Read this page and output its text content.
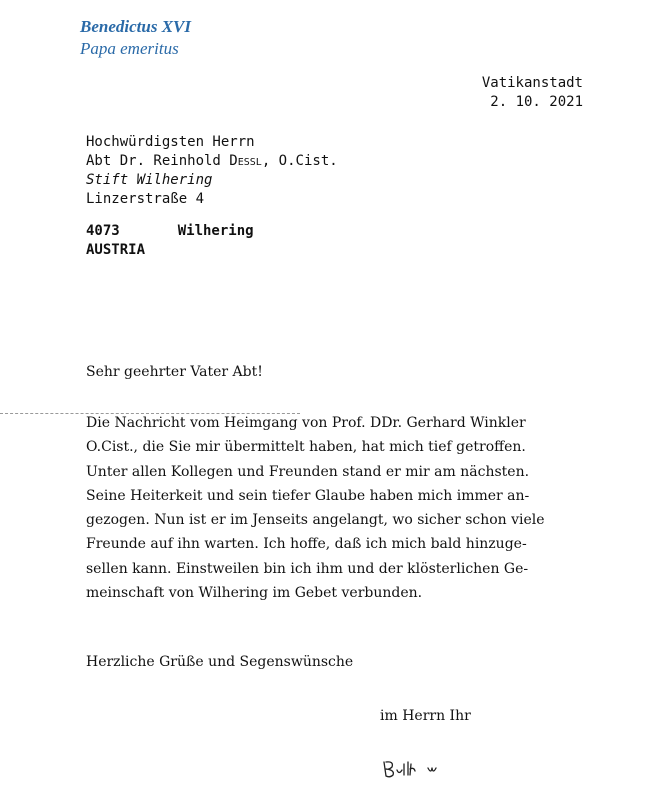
Benedictus XVI
Papa emeritus
Vatikanstadt
2. 10. 2021
Hochwürdigsten Herrn
Abt Dr. Reinhold Dessl, O.Cist.
Stift Wilhering
Linzerstraße 4
4073	Wilhering
AUSTRIA
Sehr geehrter Vater Abt!
Die Nachricht vom Heimgang von Prof. DDr. Gerhard Winkler
O.Cist., die Sie mir übermittelt haben, hat mich tief getroffen.
Unter allen Kollegen und Freunden stand er mir am nächsten.
Seine Heiterkeit und sein tiefer Glaube haben mich immer an-
gezogen. Nun ist er im Jenseits angelangt, wo sicher schon viele
Freunde auf ihn warten. Ich hoffe, daß ich mich bald hinzuge-
sellen kann. Einstweilen bin ich ihm und der klösterlichen Ge-
meinschaft von Wilhering im Gebet verbunden.
Herzliche Grüße und Segenswünsche
im Herrn Ihr
